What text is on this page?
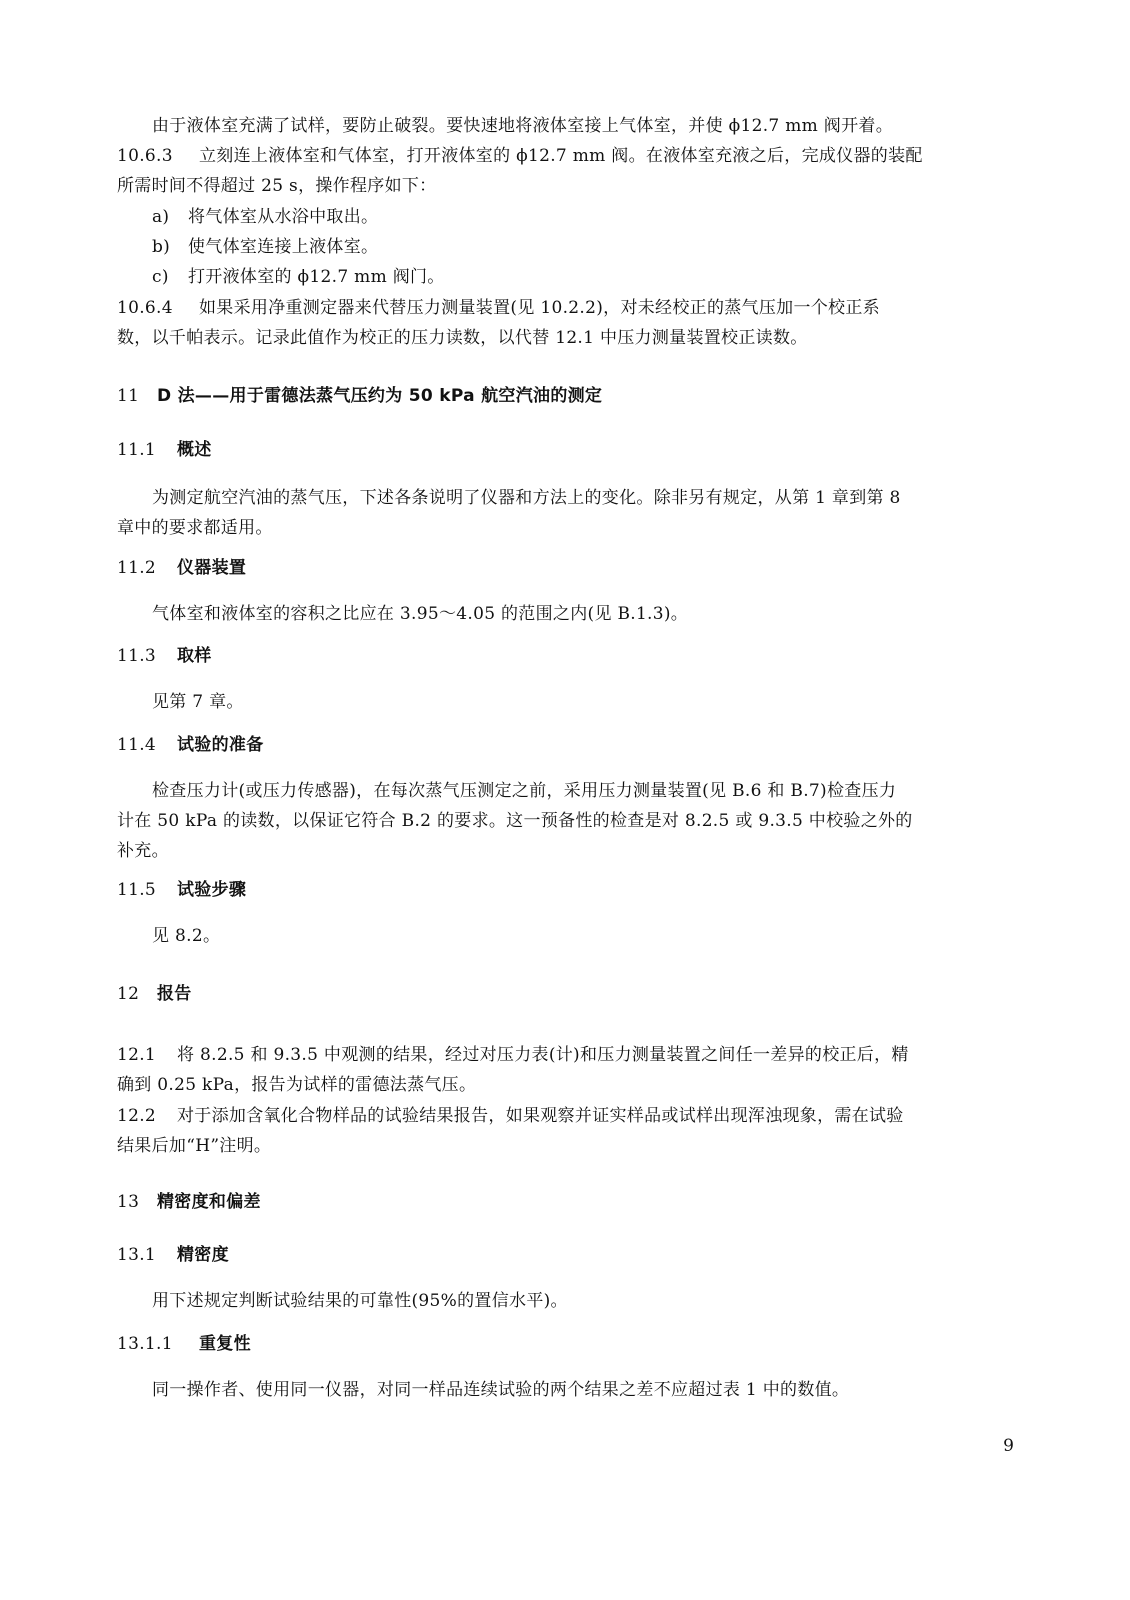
由于液体室充满了试样，要防止破裂。要快速地将液体室接上气体室，并使 ϕ12.7 mm 阀开着。
10.6.3 立刻连上液体室和气体室，打开液体室的 ϕ12.7 mm 阀。在液体室充液之后，完成仪器的装配
所需时间不得超过 25 s，操作程序如下：
a) 将气体室从水浴中取出。
b) 使气体室连接上液体室。
c) 打开液体室的 ϕ12.7 mm 阀门。
10.6.4 如果采用净重测定器来代替压力测量装置(见 10.2.2)，对未经校正的蒸气压加一个校正系
数，以千帕表示。记录此值作为校正的压力读数，以代替 12.1 中压力测量装置校正读数。
11 D 法——用于雷德法蒸气压约为 50 kPa 航空汽油的测定
11.1 概述
为测定航空汽油的蒸气压，下述各条说明了仪器和方法上的变化。除非另有规定，从第 1 章到第 8
章中的要求都适用。
11.2 仪器装置
气体室和液体室的容积之比应在 3.95～4.05 的范围之内(见 B.1.3)。
11.3 取样
见第 7 章。
11.4 试验的准备
检查压力计(或压力传感器)，在每次蒸气压测定之前，采用压力测量装置(见 B.6 和 B.7)检查压力
计在 50 kPa 的读数，以保证它符合 B.2 的要求。这一预备性的检查是对 8.2.5 或 9.3.5 中校验之外的
补充。
11.5 试验步骤
见 8.2。
12 报告
12.1 将 8.2.5 和 9.3.5 中观测的结果，经过对压力表(计)和压力测量装置之间任一差异的校正后，精
确到 0.25 kPa，报告为试样的雷德法蒸气压。
12.2 对于添加含氧化合物样品的试验结果报告，如果观察并证实样品或试样出现浑浊现象，需在试验
结果后加“H”注明。
13 精密度和偏差
13.1 精密度
用下述规定判断试验结果的可靠性(95%的置信水平)。
13.1.1 重复性
同一操作者、使用同一仪器，对同一样品连续试验的两个结果之差不应超过表 1 中的数值。
9
